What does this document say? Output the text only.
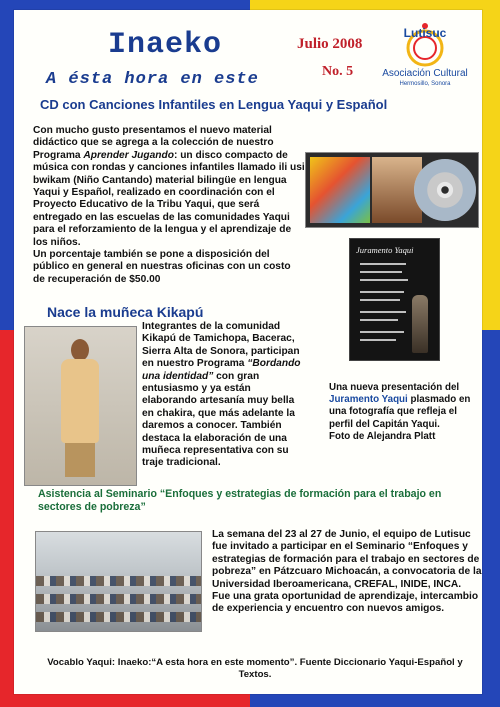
Inaeko
A ésta hora en este
Julio 2008
No. 5
Lutisuc
Asociación Cultural
Hermosillo, Sonora
CD con Canciones Infantiles en Lengua Yaqui y Español
Con mucho gusto presentamos el nuevo material didáctico que se agrega a la colección de nuestro Programa Aprender Jugando: un disco compacto de música con rondas y canciones infantiles llamado ili usi bwikam (Niño Cantando) material bilingüe en lengua Yaqui y Español, realizado en coordinación con el Proyecto Educativo de la Tribu Yaqui, que será entregado en las escuelas de las comunidades Yaqui para el reforzamiento de la lengua y el aprendizaje de los niños.
Un porcentaje también se pone a disposición del público en general en nuestras oficinas con un costo de recuperación de $50.00
Juramento Yaqui
Nace la muñeca Kikapú
Integrantes de la comunidad Kikapú de Tamichopa, Bacerac, Sierra Alta de Sonora, participan en nuestro Programa “Bordando una identidad” con gran entusiasmo y ya están elaborando artesanía muy bella en chakira, que más adelante la daremos a conocer. También destaca la elaboración de una muñeca representativa con su traje tradicional.
Una nueva presentación del Juramento Yaqui plasmado en una fotografía que refleja el perfil del Capitán Yaqui.
Foto de Alejandra Platt
Asistencia al Seminario “Enfoques y estrategias de formación para el trabajo en sectores de pobreza”
La semana del 23 al 27 de Junio, el equipo de Lutisuc fue invitado a participar en el Seminario “Enfoques y estrategias de formación para el trabajo en sectores de pobreza” en Pátzcuaro Michoacán, a convocatoria de la Universidad Iberoamericana, CREFAL, INIDE, INCA. Fue una grata oportunidad de aprendizaje, intercambio de experiencia y encuentro con nuevos amigos.
Vocablo Yaqui: Inaeko:“A esta hora en este momento”. Fuente Diccionario Yaqui-Español y Textos.
